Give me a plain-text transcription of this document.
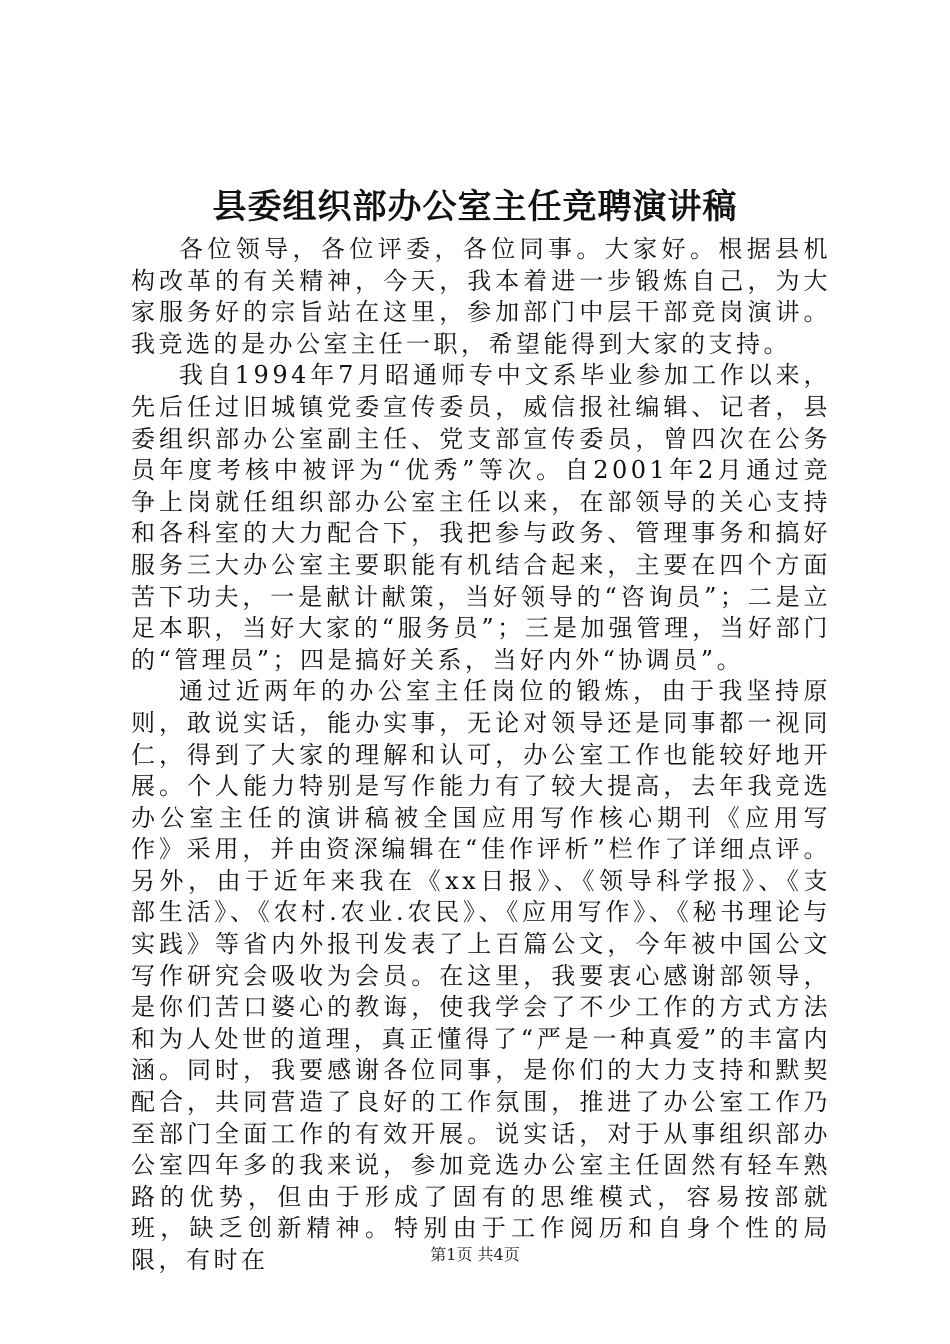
县委组织部办公室主任竞聘演讲稿

各位领导，各位评委，各位同事。大家好。根据县机构改革的有关精神，今天，我本着进一步锻炼自己，为大家服务好的宗旨站在这里，参加部门中层干部竞岗演讲。我竞选的是办公室主任一职，希望能得到大家的支持。

我自1994年7月昭通师专中文系毕业参加工作以来，先后任过旧城镇党委宣传委员，威信报社编辑、记者，县委组织部办公室副主任、党支部宣传委员，曾四次在公务员年度考核中被评为“优秀”等次。自2001年2月通过竞争上岗就任组织部办公室主任以来，在部领导的关心支持和各科室的大力配合下，我把参与政务、管理事务和搞好服务三大办公室主要职能有机结合起来，主要在四个方面苦下功夫，一是献计献策，当好领导的“咨询员”；二是立足本职，当好大家的“服务员”；三是加强管理，当好部门的“管理员”；四是搞好关系，当好内外“协调员”。

通过近两年的办公室主任岗位的锻炼，由于我坚持原则，敢说实话，能办实事，无论对领导还是同事都一视同仁，得到了大家的理解和认可，办公室工作也能较好地开展。个人能力特别是写作能力有了较大提高，去年我竞选办公室主任的演讲稿被全国应用写作核心期刊《应用写作》采用，并由资深编辑在“佳作评析”栏作了详细点评。另外，由于近年来我在《xx日报》、《领导科学报》、《支部生活》、《农村.农业.农民》、《应用写作》、《秘书理论与实践》等省内外报刊发表了上百篇公文，今年被中国公文写作研究会吸收为会员。在这里，我要衷心感谢部领导，是你们苦口婆心的教诲，使我学会了不少工作的方式方法和为人处世的道理，真正懂得了“严是一种真爱”的丰富内涵。同时，我要感谢各位同事，是你们的大力支持和默契配合，共同营造了良好的工作氛围，推进了办公室工作乃至部门全面工作的有效开展。说实话，对于从事组织部办公室四年多的我来说，参加竞选办公室主任固然有轻车熟路的优势，但由于形成了固有的思维模式，容易按部就班，缺乏创新精神。特别由于工作阅历和自身个性的局限，有时在	第1页 共4页
